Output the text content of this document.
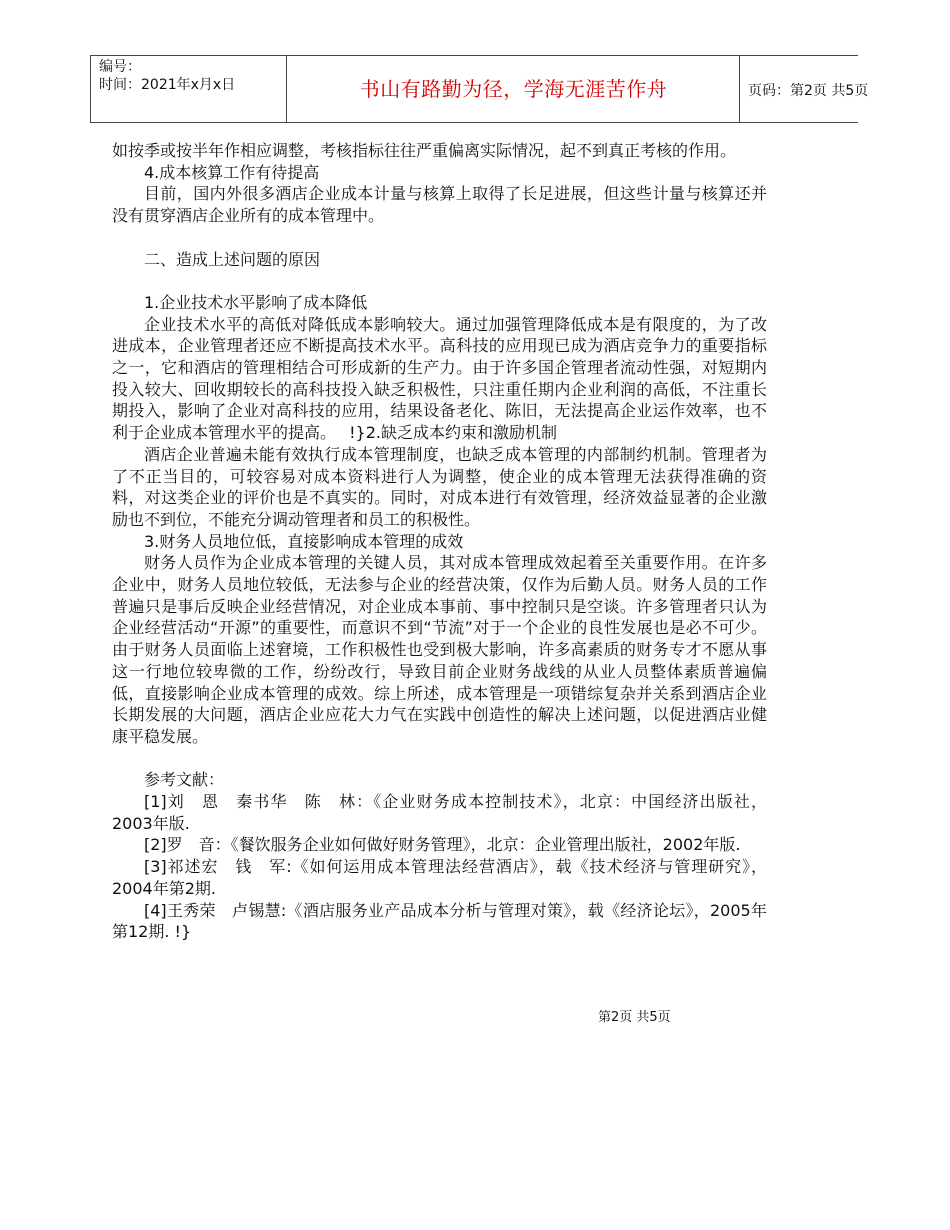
编号：
时间：2021年x月x日	书山有路勤为径，学海无涯苦作舟	页码：第2页 共5页

如按季或按半年作相应调整，考核指标往往严重偏离实际情况，起不到真正考核的作用。

4.成本核算工作有待提高

目前，国内外很多酒店企业成本计量与核算上取得了长足进展，但这些计量与核算还并没有贯穿酒店企业所有的成本管理中。

二、造成上述问题的原因

1.企业技术水平影响了成本降低

企业技术水平的高低对降低成本影响较大。通过加强管理降低成本是有限度的，为了改进成本，企业管理者还应不断提高技术水平。高科技的应用现已成为酒店竞争力的重要指标之一，它和酒店的管理相结合可形成新的生产力。由于许多国企管理者流动性强，对短期内投入较大、回收期较长的高科技投入缺乏积极性，只注重任期内企业利润的高低，不注重长期投入，影响了企业对高科技的应用，结果设备老化、陈旧，无法提高企业运作效率，也不利于企业成本管理水平的提高。　 !}2.缺乏成本约束和激励机制

酒店企业普遍未能有效执行成本管理制度，也缺乏成本管理的内部制约机制。管理者为了不正当目的，可较容易对成本资料进行人为调整，使企业的成本管理无法获得准确的资料，对这类企业的评价也是不真实的。同时，对成本进行有效管理，经济效益显著的企业激励也不到位，不能充分调动管理者和员工的积极性。

3.财务人员地位低，直接影响成本管理的成效

财务人员作为企业成本管理的关键人员，其对成本管理成效起着至关重要作用。在许多企业中，财务人员地位较低，无法参与企业的经营决策，仅作为后勤人员。财务人员的工作普遍只是事后反映企业经营情况，对企业成本事前、事中控制只是空谈。许多管理者只认为企业经营活动“开源”的重要性，而意识不到“节流”对于一个企业的良性发展也是必不可少。由于财务人员面临上述窘境，工作积极性也受到极大影响，许多高素质的财务专才不愿从事这一行地位较卑微的工作，纷纷改行，导致目前企业财务战线的从业人员整体素质普遍偏低，直接影响企业成本管理的成效。综上所述，成本管理是一项错综复杂并关系到酒店企业长期发展的大问题，酒店企业应花大力气在实践中创造性的解决上述问题，以促进酒店业健康平稳发展。

参考文献：

[1]刘　恩　秦书华　陈　林：《企业财务成本控制技术》，北京：中国经济出版社，2003年版.

[2]罗　音：《餐饮服务企业如何做好财务管理》，北京：企业管理出版社，2002年版.

[3]祁述宏　钱　军:《如何运用成本管理法经营酒店》，载《技术经济与管理研究》，2004年第2期.

[4]王秀荣　卢锡慧:《酒店服务业产品成本分析与管理对策》，载《经济论坛》，2005年第12期. !}

第2页 共5页
